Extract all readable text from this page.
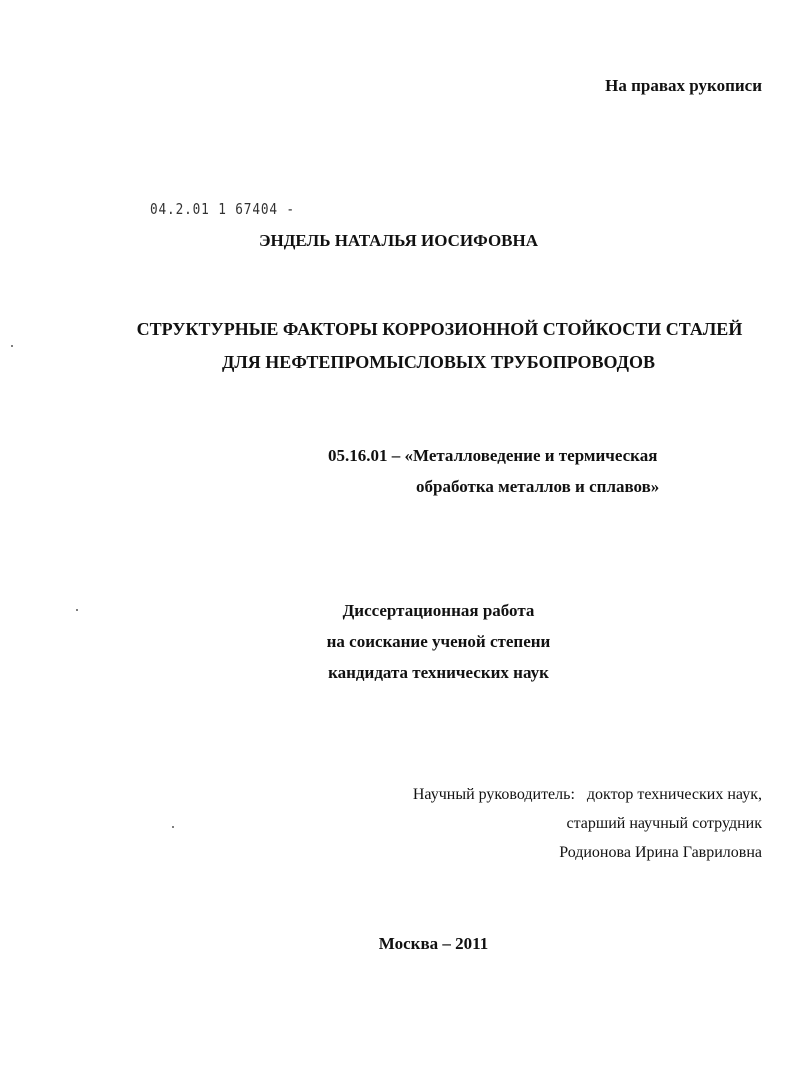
На правах рукописи
04.2.01 1 67404 -
ЭНДЕЛЬ НАТАЛЬЯ ИОСИФОВНА
СТРУКТУРНЫЕ ФАКТОРЫ КОРРОЗИОННОЙ СТОЙКОСТИ СТАЛЕЙ
ДЛЯ НЕФТЕПРОМЫСЛОВЫХ ТРУБОПРОВОДОВ
05.16.01 – «Металловедение и термическая
обработка металлов и сплавов»
Диссертационная работа
на соискание ученой степени
кандидата технических наук
Научный руководитель: доктор технических наук,
старший научный сотрудник
Родионова Ирина Гавриловна
Москва – 2011
